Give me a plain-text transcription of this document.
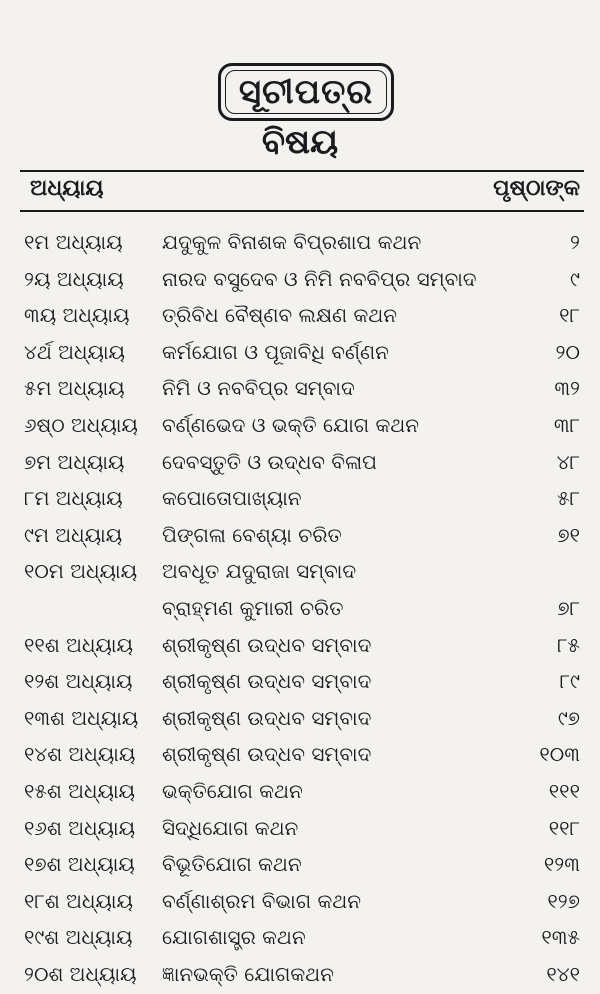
ସୂଚୀପତ୍ର
ବିଷୟ
ଅଧ୍ୟାୟ	ପୃଷ୍ଠାଙ୍କ
୧ମ ଅଧ୍ୟାୟ ଯଦୁକୁଳ ବିନାଶକ ବିପ୍ରଶାପ କଥନ	୨
୨ୟ ଅଧ୍ୟାୟ ନାରଦ ବସୁଦେବ ଓ ନିମି ନବବିପ୍ର ସମ୍ବାଦ	୯
୩ୟ ଅଧ୍ୟାୟ ତ୍ରିବିଧ ବୈଷ୍ଣବ ଲକ୍ଷଣ କଥନ	୧୮
୪ର୍ଥ ଅଧ୍ୟାୟ କର୍ମଯୋଗ ଓ ପୂଜାବିଧି ବର୍ଣ୍ଣନ	୨୦
୫ମ ଅଧ୍ୟାୟ ନିମି ଓ ନବବିପ୍ର ସମ୍ବାଦ	୩୨
୬ଷ୍ଠ ଅଧ୍ୟାୟ ବର୍ଣ୍ଣଭେଦ ଓ ଭକ୍ତି ଯୋଗ କଥନ	୩୮
୭ମ ଅଧ୍ୟାୟ ଦେବସ୍ତୁତି ଓ ଉଦ୍ଧବ ବିଳାପ	୪୮
୮ମ ଅଧ୍ୟାୟ କପୋତୋପାଖ୍ୟାନ	୫୮
୯ମ ଅଧ୍ୟାୟ ପିଙ୍ଗଳା ବେଶ୍ୟା ଚରିତ	୭୧
୧୦ମ ଅଧ୍ୟାୟ ଅବଧୂତ ଯଦୁରାଜା ସମ୍ବାଦ
ବ୍ରାହ୍ମଣ କୁମାରୀ ଚରିତ	୭୮
୧୧ଶ ଅଧ୍ୟାୟ ଶ୍ରୀକୃଷ୍ଣ ଉଦ୍ଧବ ସମ୍ବାଦ	୮୫
୧୨ଶ ଅଧ୍ୟାୟ ଶ୍ରୀକୃଷ୍ଣ ଉଦ୍ଧବ ସମ୍ବାଦ	୮୯
୧୩ଶ ଅଧ୍ୟାୟ ଶ୍ରୀକୃଷ୍ଣ ଉଦ୍ଧବ ସମ୍ବାଦ	୯୭
୧୪ଶ ଅଧ୍ୟାୟ ଶ୍ରୀକୃଷ୍ଣ ଉଦ୍ଧବ ସମ୍ବାଦ	୧୦୩
୧୫ଶ ଅଧ୍ୟାୟ ଭକ୍ତିଯୋଗ କଥନ	୧୧୧
୧୬ଶ ଅଧ୍ୟାୟ ସିଦ୍ଧିଯୋଗ କଥନ	୧୧୮
୧୭ଶ ଅଧ୍ୟାୟ ବିଭୂତିଯୋଗ କଥନ	୧୨୩
୧୮ଶ ଅଧ୍ୟାୟ ବର୍ଣ୍ଣାଶ୍ରମ ବିଭାଗ କଥନ	୧୨୭
୧୯ଶ ଅଧ୍ୟାୟ ଯୋଗଶାସ୍ତ୍ର କଥନ	୧୩୫
୨୦ଶ ଅଧ୍ୟାୟ ଜ୍ଞାନଭକ୍ତି ଯୋଗକଥନ	୧୪୧
